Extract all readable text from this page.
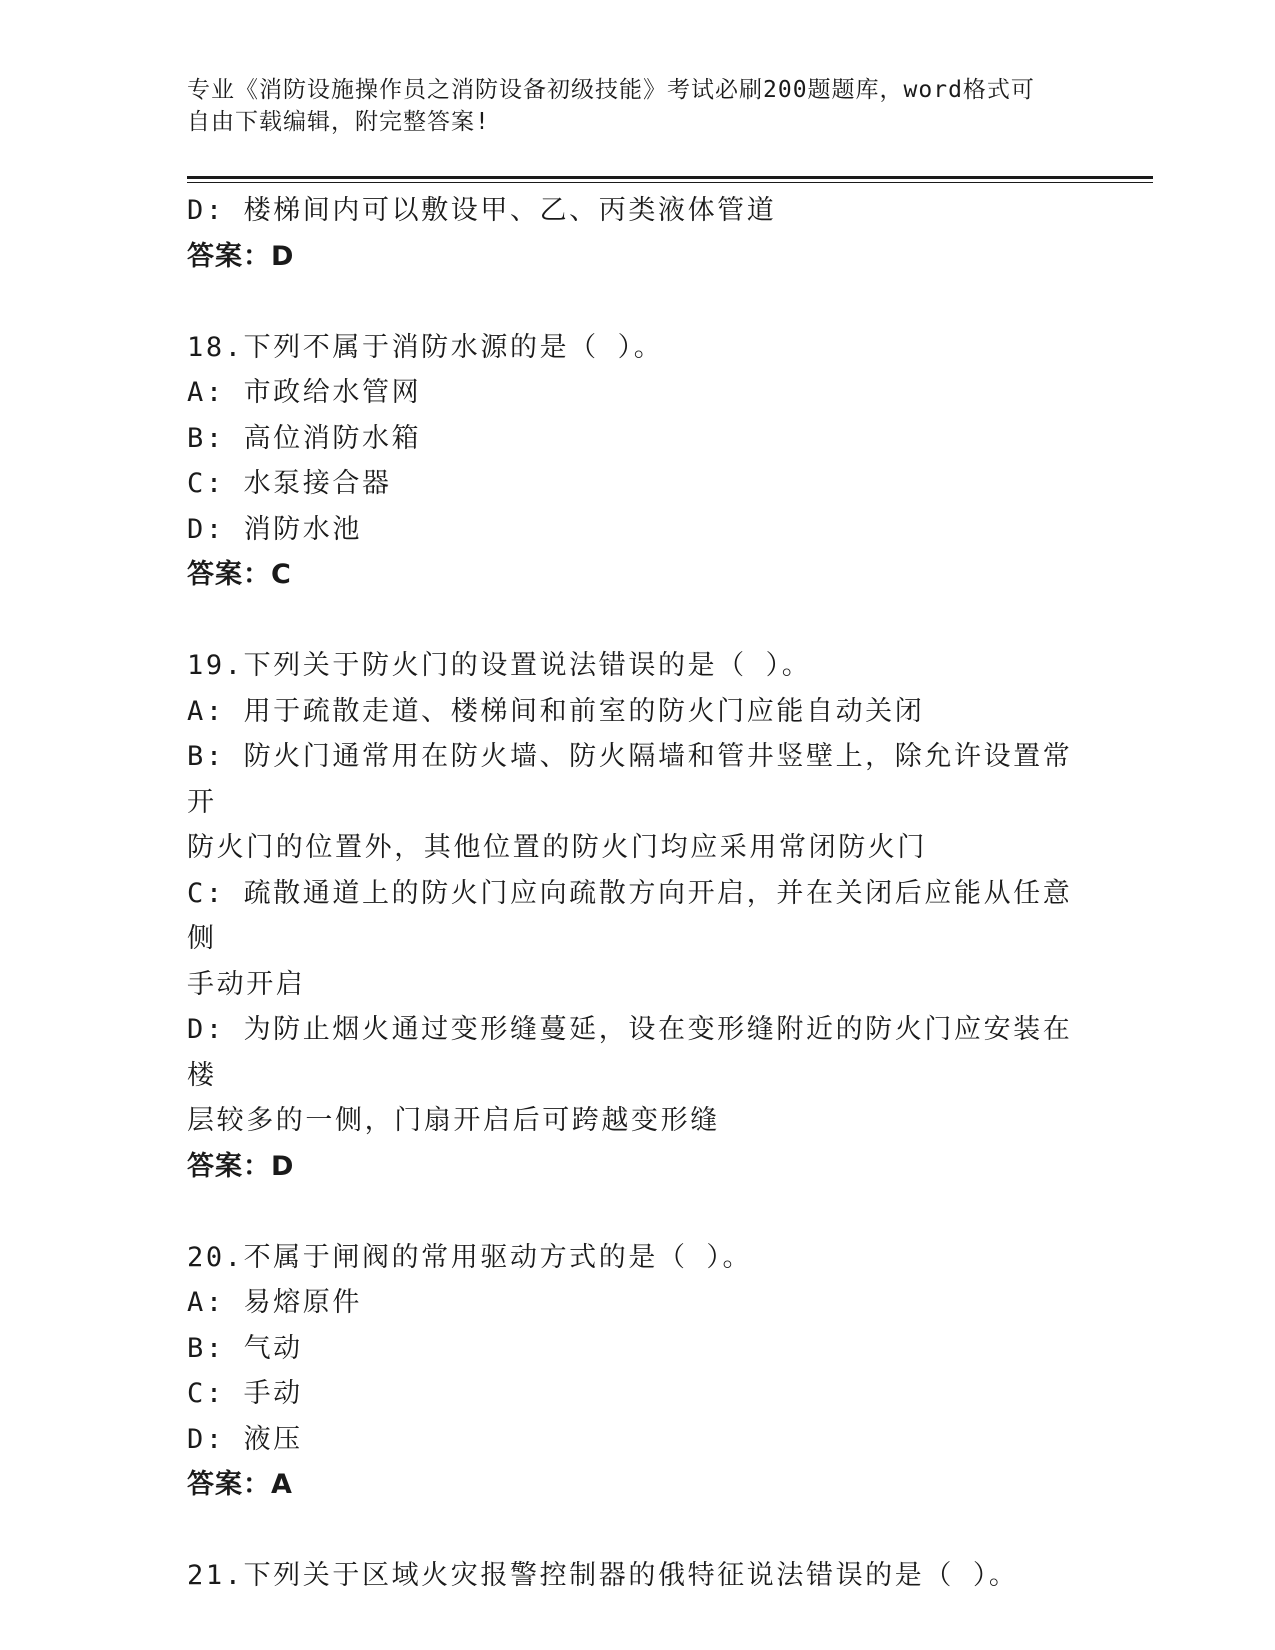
专业《消防设施操作员之消防设备初级技能》考试必刷200题题库，word格式可
自由下载编辑，附完整答案!
D: 楼梯间内可以敷设甲、乙、丙类液体管道
答案：D
18.下列不属于消防水源的是（ ）。
A: 市政给水管网
B: 高位消防水箱
C: 水泵接合器
D: 消防水池
答案：C
19.下列关于防火门的设置说法错误的是（ ）。
A: 用于疏散走道、楼梯间和前室的防火门应能自动关闭
B: 防火门通常用在防火墙、防火隔墙和管井竖壁上，除允许设置常开
防火门的位置外，其他位置的防火门均应采用常闭防火门
C: 疏散通道上的防火门应向疏散方向开启，并在关闭后应能从任意侧
手动开启
D: 为防止烟火通过变形缝蔓延，设在变形缝附近的防火门应安装在楼
层较多的一侧，门扇开启后可跨越变形缝
答案：D
20.不属于闸阀的常用驱动方式的是（ ）。
A: 易熔原件
B: 气动
C: 手动
D: 液压
答案：A
21.下列关于区域火灾报警控制器的俄特征说法错误的是（ ）。
